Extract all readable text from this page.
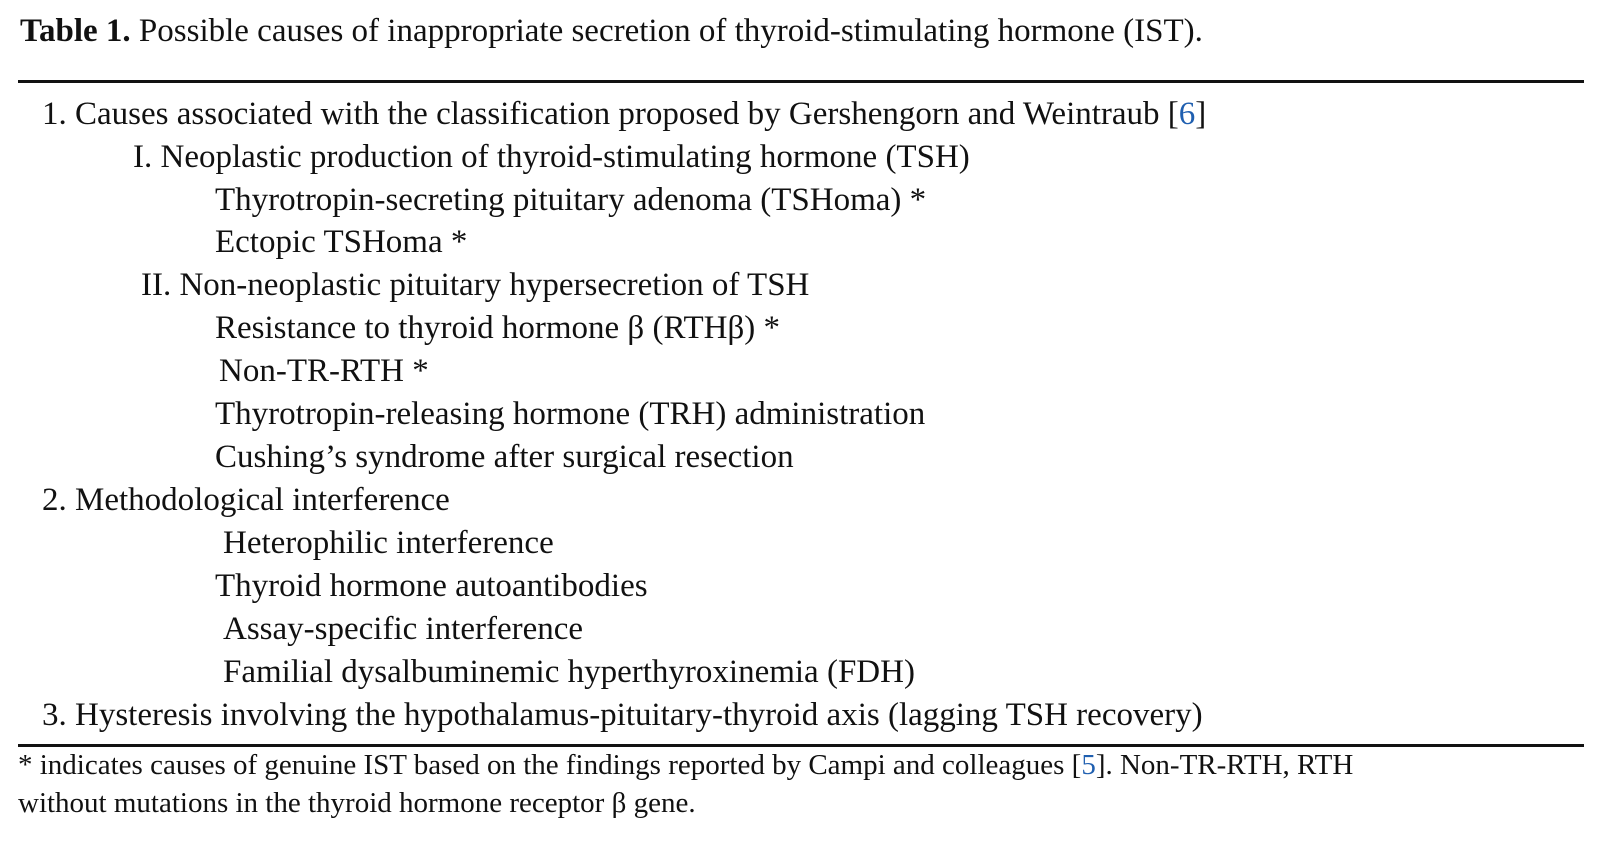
Table 1. Possible causes of inappropriate secretion of thyroid-stimulating hormone (IST).
1. Causes associated with the classification proposed by Gershengorn and Weintraub [6]
I. Neoplastic production of thyroid-stimulating hormone (TSH)
Thyrotropin-secreting pituitary adenoma (TSHoma) *
Ectopic TSHoma *
II. Non-neoplastic pituitary hypersecretion of TSH
Resistance to thyroid hormone β (RTHβ) *
Non-TR-RTH *
Thyrotropin-releasing hormone (TRH) administration
Cushing’s syndrome after surgical resection
2. Methodological interference
Heterophilic interference
Thyroid hormone autoantibodies
Assay-specific interference
Familial dysalbuminemic hyperthyroxinemia (FDH)
3. Hysteresis involving the hypothalamus-pituitary-thyroid axis (lagging TSH recovery)
* indicates causes of genuine IST based on the findings reported by Campi and colleagues [5]. Non-TR-RTH, RTH
without mutations in the thyroid hormone receptor β gene.
